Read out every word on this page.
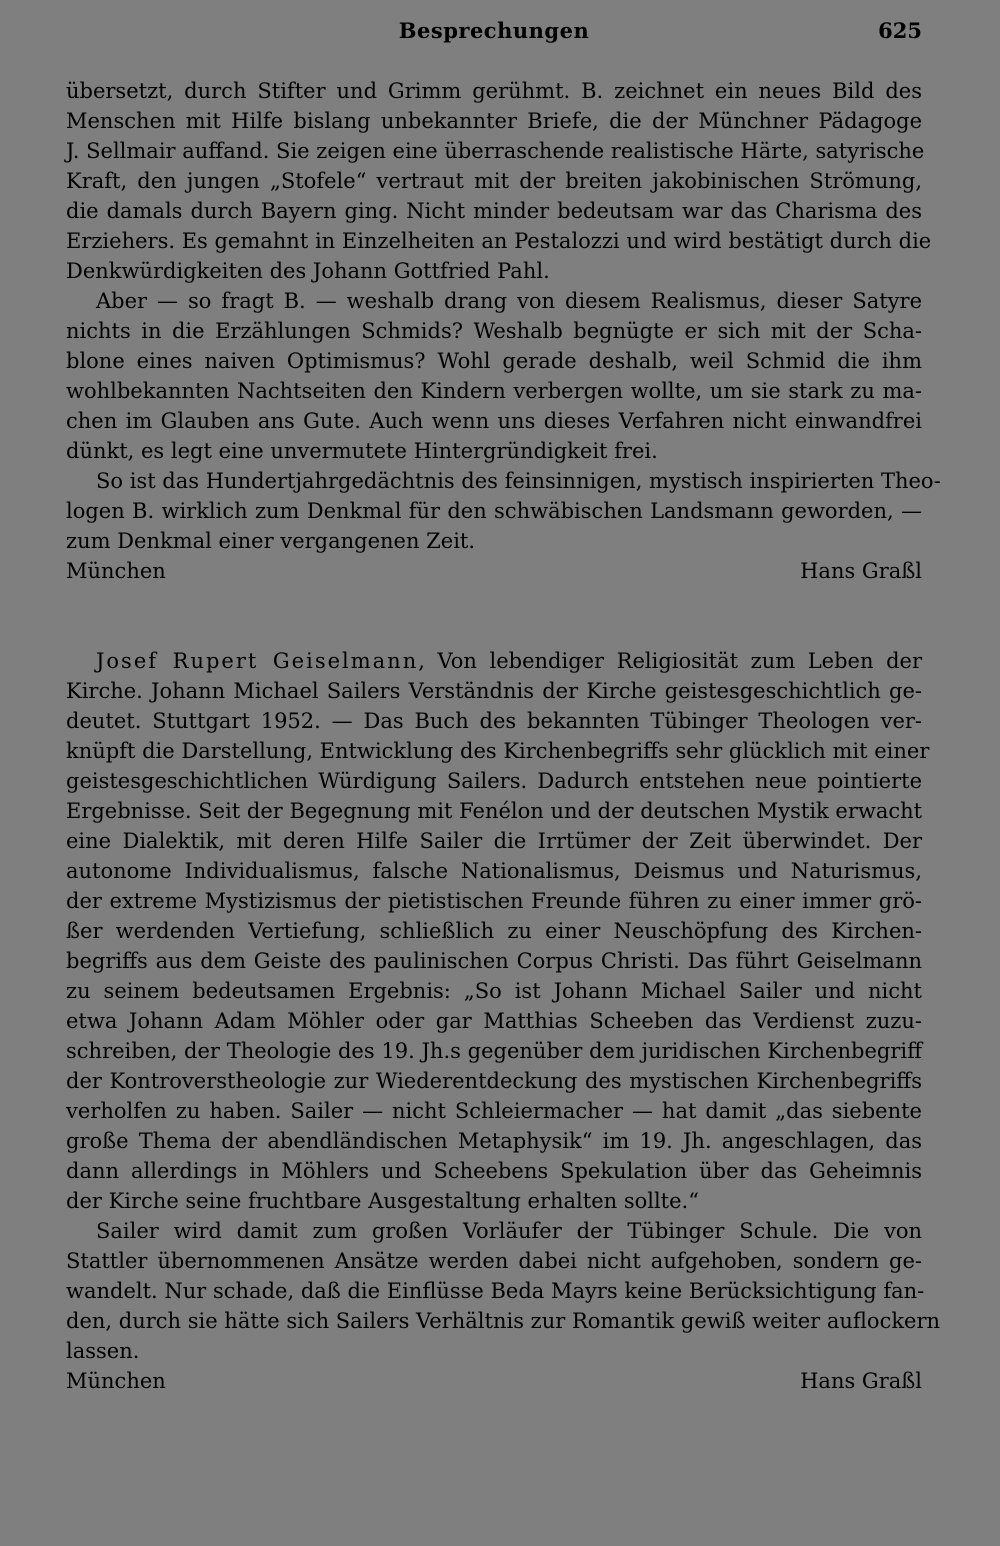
Besprechungen	625
übersetzt, durch Stifter und Grimm gerühmt. B. zeichnet ein neues Bild des
Menschen mit Hilfe bislang unbekannter Briefe, die der Münchner Pädagoge
J. Sellmair auffand. Sie zeigen eine überraschende realistische Härte, satyrische
Kraft, den jungen „Stofele“ vertraut mit der breiten jakobinischen Strömung,
die damals durch Bayern ging. Nicht minder bedeutsam war das Charisma des
Erziehers. Es gemahnt in Einzelheiten an Pestalozzi und wird bestätigt durch die
Denkwürdigkeiten des Johann Gottfried Pahl.
Aber — so fragt B. — weshalb drang von diesem Realismus, dieser Satyre
nichts in die Erzählungen Schmids? Weshalb begnügte er sich mit der Scha-
blone eines naiven Optimismus? Wohl gerade deshalb, weil Schmid die ihm
wohlbekannten Nachtseiten den Kindern verbergen wollte, um sie stark zu ma-
chen im Glauben ans Gute. Auch wenn uns dieses Verfahren nicht einwandfrei
dünkt, es legt eine unvermutete Hintergründigkeit frei.
So ist das Hundertjahrgedächtnis des feinsinnigen, mystisch inspirierten Theo-
logen B. wirklich zum Denkmal für den schwäbischen Landsmann geworden, —
zum Denkmal einer vergangenen Zeit.
München	Hans Graßl
Josef Rupert Geiselmann, Von lebendiger Religiosität zum Leben der
Kirche. Johann Michael Sailers Verständnis der Kirche geistesgeschichtlich ge-
deutet. Stuttgart 1952. — Das Buch des bekannten Tübinger Theologen ver-
knüpft die Darstellung, Entwicklung des Kirchenbegriffs sehr glücklich mit einer
geistesgeschichtlichen Würdigung Sailers. Dadurch entstehen neue pointierte
Ergebnisse. Seit der Begegnung mit Fenélon und der deutschen Mystik erwacht
eine Dialektik, mit deren Hilfe Sailer die Irrtümer der Zeit überwindet. Der
autonome Individualismus, falsche Nationalismus, Deismus und Naturismus,
der extreme Mystizismus der pietistischen Freunde führen zu einer immer grö-
ßer werdenden Vertiefung, schließlich zu einer Neuschöpfung des Kirchen-
begriffs aus dem Geiste des paulinischen Corpus Christi. Das führt Geiselmann
zu seinem bedeutsamen Ergebnis: „So ist Johann Michael Sailer und nicht
etwa Johann Adam Möhler oder gar Matthias Scheeben das Verdienst zuzu-
schreiben, der Theologie des 19. Jh.s gegenüber dem juridischen Kirchenbegriff
der Kontroverstheologie zur Wiederentdeckung des mystischen Kirchenbegriffs
verholfen zu haben. Sailer — nicht Schleiermacher — hat damit „das siebente
große Thema der abendländischen Metaphysik“ im 19. Jh. angeschlagen, das
dann allerdings in Möhlers und Scheebens Spekulation über das Geheimnis
der Kirche seine fruchtbare Ausgestaltung erhalten sollte.“
Sailer wird damit zum großen Vorläufer der Tübinger Schule. Die von
Stattler übernommenen Ansätze werden dabei nicht aufgehoben, sondern ge-
wandelt. Nur schade, daß die Einflüsse Beda Mayrs keine Berücksichtigung fan-
den, durch sie hätte sich Sailers Verhältnis zur Romantik gewiß weiter auflockern
lassen.
München	Hans Graßl
